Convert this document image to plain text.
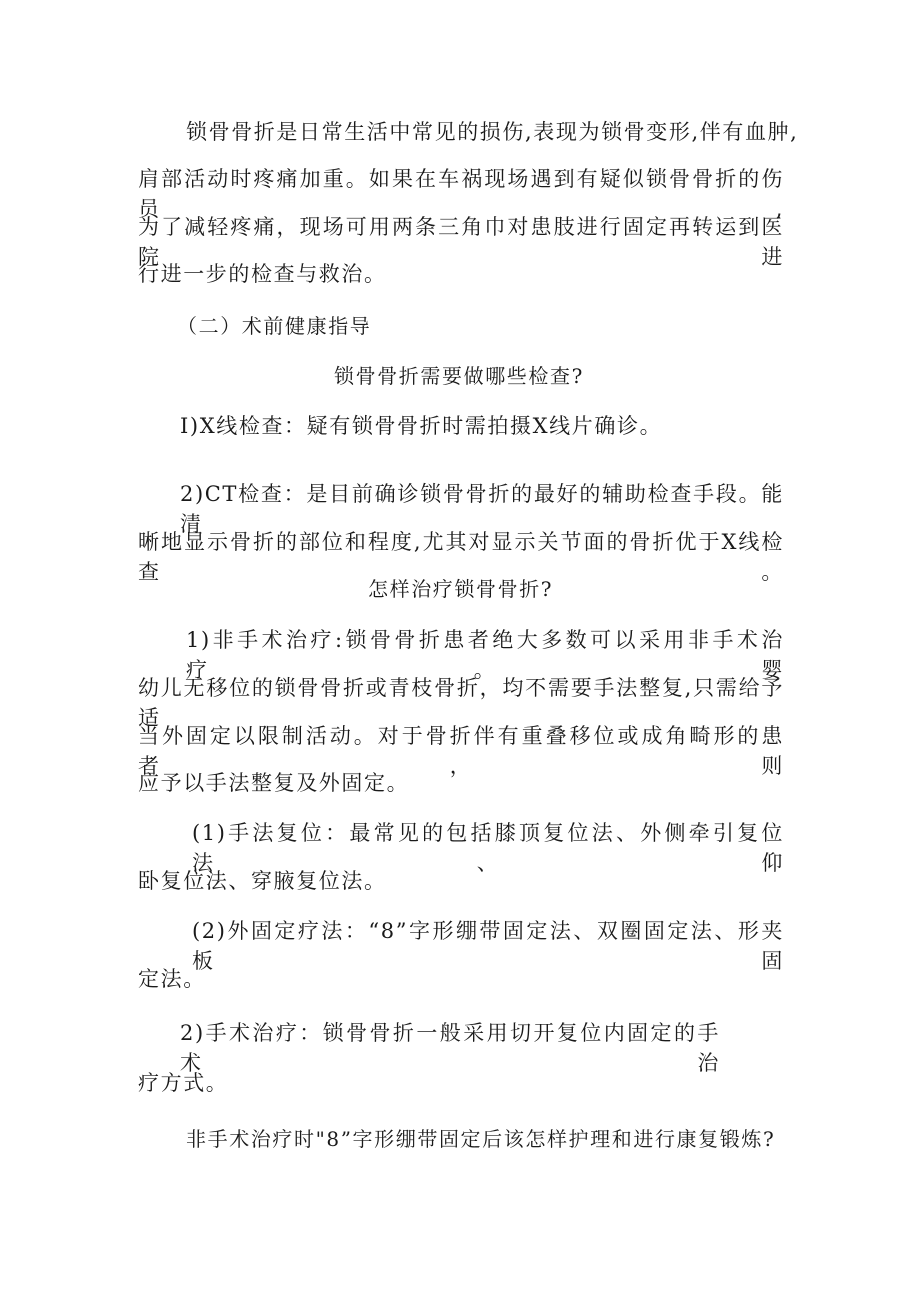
锁骨骨折是日常生活中常见的损伤,表现为锁骨变形,伴有血肿,

肩部活动时疼痛加重。如果在车祸现场遇到有疑似锁骨骨折的伤员,

为了减轻疼痛，现场可用两条三角巾对患肢进行固定再转运到医院进

行进一步的检查与救治。

（二）术前健康指导

锁骨骨折需要做哪些检查?

I)X线检查：疑有锁骨骨折时需拍摄X线片确诊。

2)CT检查：是目前确诊锁骨骨折的最好的辅助检查手段。能清

晰地显示骨折的部位和程度,尤其对显示关节面的骨折优于X线检查。

怎样治疗锁骨骨折?

1)非手术治疗:锁骨骨折患者绝大多数可以采用非手术治疗。婴

幼儿无移位的锁骨骨折或青枝骨折，均不需要手法整复,只需给予适

当外固定以限制活动。对于骨折伴有重叠移位或成角畸形的患者，则

应予以手法整复及外固定。

(1)手法复位：最常见的包括膝顶复位法、外侧牵引复位法、仰

卧复位法、穿腋复位法。

(2)外固定疗法：“8”字形绷带固定法、双圈固定法、形夹板固

定法。

2)手术治疗：锁骨骨折一般采用切开复位内固定的手术治

疗方式。

非手术治疗时"8”字形绷带固定后该怎样护理和进行康复锻炼?
